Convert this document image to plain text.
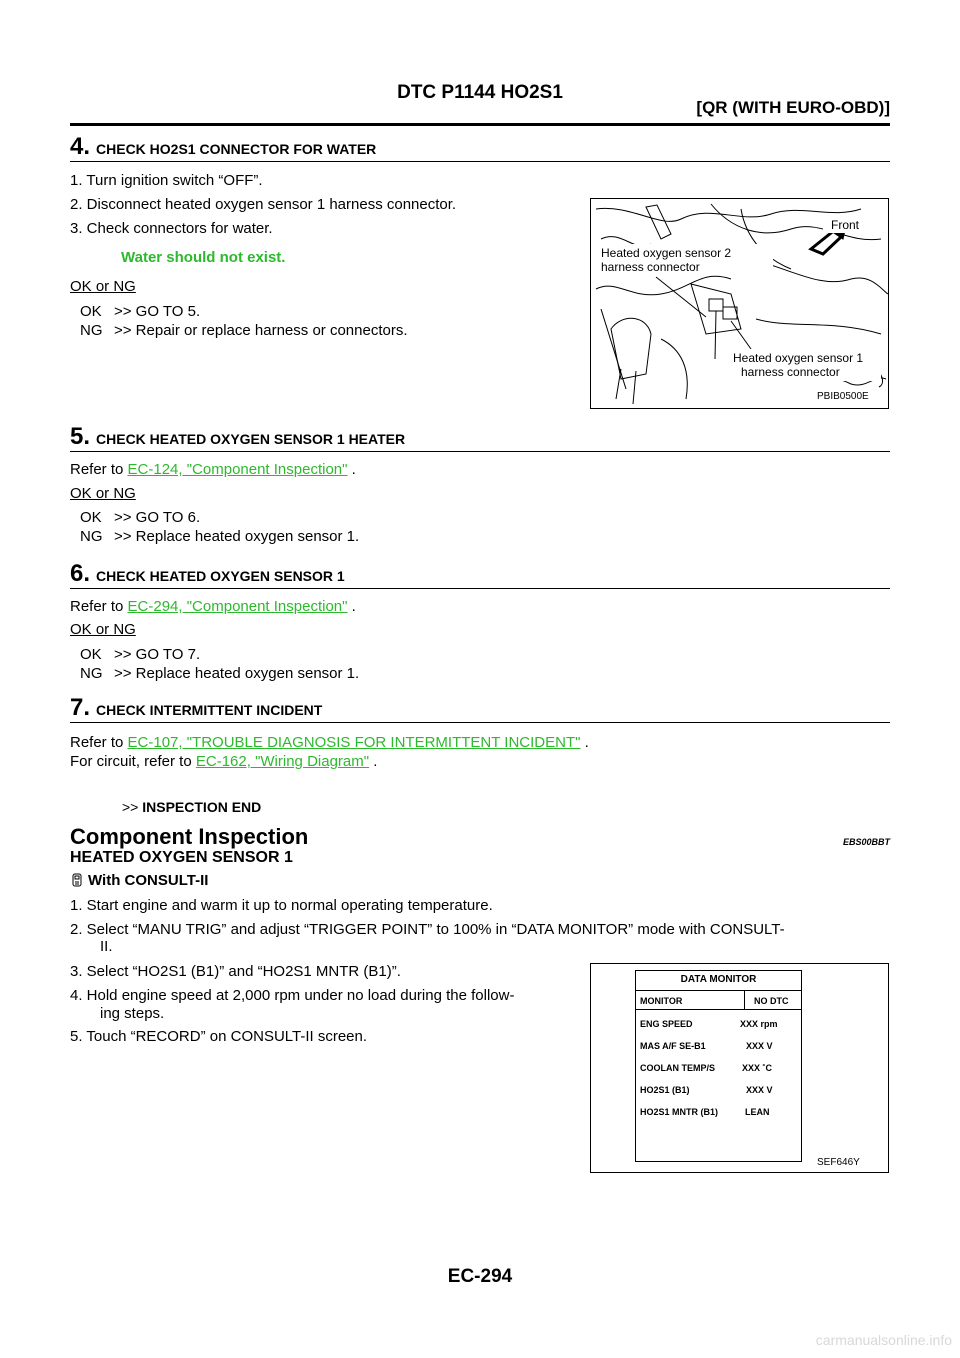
DTC P1144 HO2S1
[QR (WITH EURO-OBD)]
4. CHECK HO2S1 CONNECTOR FOR WATER
1. Turn ignition switch “OFF”.
2. Disconnect heated oxygen sensor 1 harness connector.
3. Check connectors for water.
Water should not exist.
OK or NG
OK >> GO TO 5.
NG >> Repair or replace harness or connectors.
Front
Heated oxygen sensor 2
harness connector
Heated oxygen sensor 1
harness connector
PBIB0500E
5. CHECK HEATED OXYGEN SENSOR 1 HEATER
Refer to EC-124, "Component Inspection" .
OK or NG
OK >> GO TO 6.
NG >> Replace heated oxygen sensor 1.
6. CHECK HEATED OXYGEN SENSOR 1
Refer to EC-294, "Component Inspection" .
OK or NG
OK >> GO TO 7.
NG >> Replace heated oxygen sensor 1.
7. CHECK INTERMITTENT INCIDENT
Refer to EC-107, "TROUBLE DIAGNOSIS FOR INTERMITTENT INCIDENT" .
For circuit, refer to EC-162, "Wiring Diagram" .
>> INSPECTION END
Component Inspection	EBS00BBT
HEATED OXYGEN SENSOR 1
With CONSULT-II
1. Start engine and warm it up to normal operating temperature.
2. Select “MANU TRIG” and adjust “TRIGGER POINT” to 100% in “DATA MONITOR” mode with CONSULT-
II.
3. Select “HO2S1 (B1)” and “HO2S1 MNTR (B1)”.
4. Hold engine speed at 2,000 rpm under no load during the follow-
ing steps.
5. Touch “RECORD” on CONSULT-II screen.
DATA MONITOR
MONITOR	NO DTC
ENG SPEED	XXX rpm
MAS A/F SE-B1	XXX V
COOLAN TEMP/S	XXX ˚C
HO2S1 (B1)	XXX V
HO2S1 MNTR (B1)	LEAN
SEF646Y
EC-294
carmanualsonline.info
